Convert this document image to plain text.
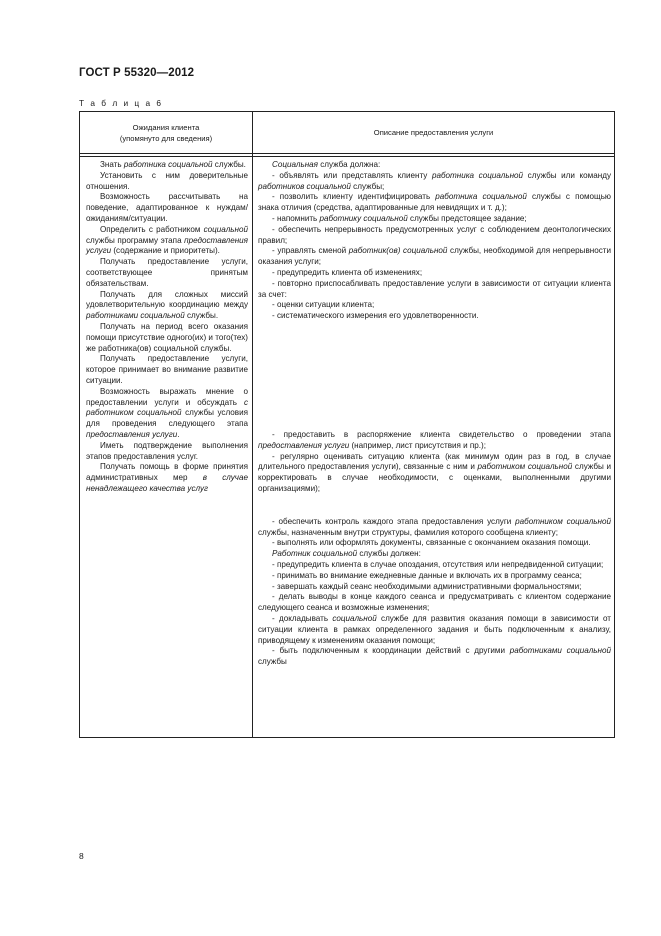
ГОСТ Р 55320—2012
Т а б л и ц а 6
Ожидания клиента
(упомянуто для сведения)
Описание предоставления услуги

Знать работника социальной службы.

Установить с ним доверительные отношения.

Возможность рассчитывать на поведение, адаптированное к нуждам/ожиданиям/ситуации.

Определить с работником социальной службы программу этапа предоставления услуги (содержание и приоритеты).

Получать предоставление услуги, соответствующее принятым обязательствам.

Получать для сложных миссий удовлетворительную координацию между работниками социальной службы.

Получать на период всего оказания помощи присутствие одного(их) и того(тех) же работника(ов) социальной службы.

Получать предоставление услуги, которое принимает во внимание развитие ситуации.

Возможность выражать мнение о предоставлении услуги и обсуждать с работником социальной службы условия для проведения следующего этапа предоставления услуги.

Иметь подтверждение выполнения этапов предоставления услуг.

Получать помощь в форме принятия административных мер в случае ненадлежащего качества услуг

Социальная служба должна:

- объявлять или представлять клиенту работника социальной службы или команду работников социальной службы;

- позволить клиенту идентифицировать работника социальной службы с помощью знака отличия (средства, адаптированные для невидящих и т. д.);

- напомнить работнику социальной службы предстоящее задание;

- обеспечить непрерывность предусмотренных услуг с соблюдением деонтологических правил;

- управлять сменой работник(ов) социальной службы, необходимой для непрерывности оказания услуги;

- предупредить клиента об изменениях;

- повторно приспосабливать предоставление услуги в зависимости от ситуации клиента за счет:

- оценки ситуации клиента;

- систематического измерения его удовлетворенности.

- предоставить в распоряжение клиента свидетельство о проведении этапа предоставления услуги (например, лист присутствия и пр.);

- регулярно оценивать ситуацию клиента (как минимум один раз в год, в случае длительного предоставления услуги), связанные с ним и работником социальной службы и корректировать в случае необходимости, с оценками, выполненными другими организациями);

- обеспечить контроль каждого этапа предоставления услуги работником социальной службы, назначенным внутри структуры, фамилия которого сообщена клиенту;

- выполнять или оформлять документы, связанные с окончанием оказания помощи.

Работник социальной службы должен:

- предупредить клиента в случае опоздания, отсутствия или непредвиденной ситуации;

- принимать во внимание ежедневные данные и включать их в программу сеанса;

- завершать каждый сеанс необходимыми административными формальностями;

- делать выводы в конце каждого сеанса и предусматривать с клиентом содержание следующего сеанса и возможные изменения;

- докладывать социальной службе для развития оказания помощи в зависимости от ситуации клиента в рамках определенного задания и быть подключенным к анализу, приводящему к изменениям оказания помощи;

- быть подключенным к координации действий с другими работниками социальной службы

8
